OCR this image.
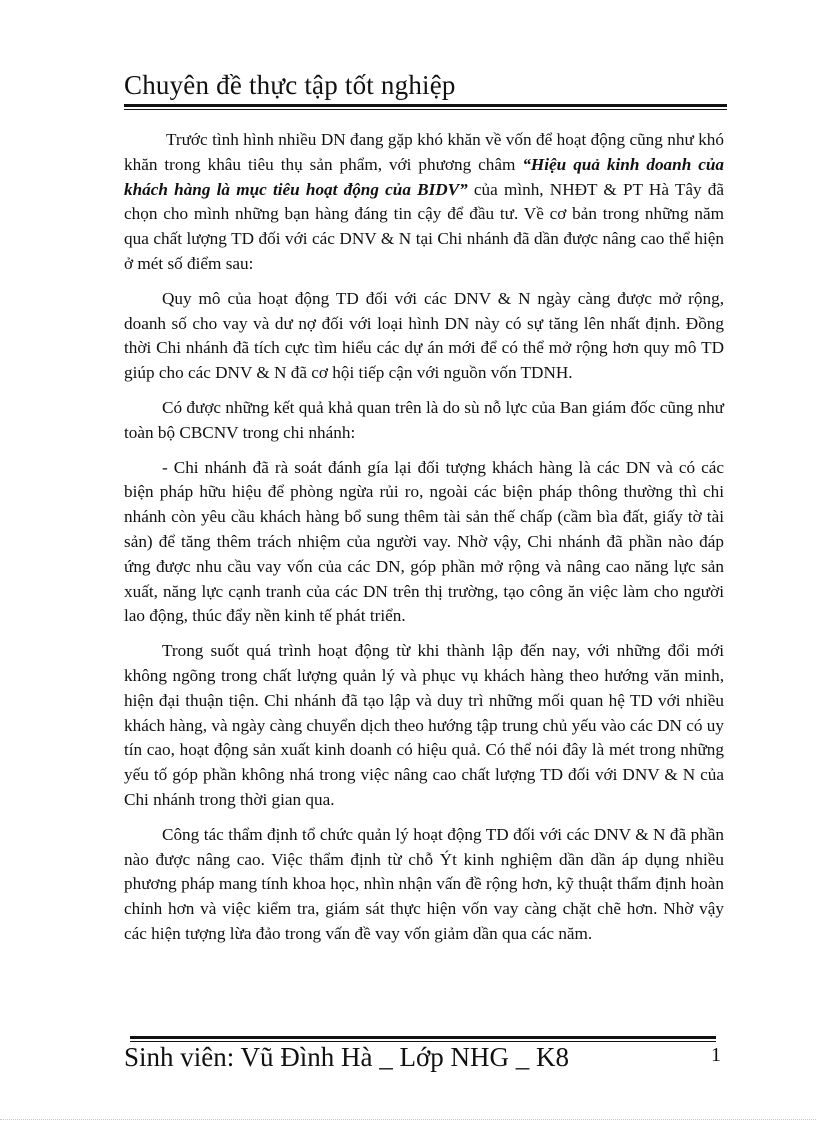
Chuyên đề thực tập tốt nghiệp

Trước tình hình nhiều DN đang gặp khó khăn về vốn để hoạt động cũng như khó khăn trong khâu tiêu thụ sản phẩm, với phương châm “Hiệu quả kinh doanh của khách hàng là mục tiêu hoạt động của BIDV” của mình, NHĐT & PT Hà Tây đã chọn cho mình những bạn hàng đáng tin cậy để đầu tư. Về cơ bản trong những năm qua chất lượng TD đối với các DNV & N tại Chi nhánh đã dần được nâng cao thể hiện ở mét số điểm sau:

Quy mô của hoạt động TD đối với các DNV & N ngày càng được mở rộng, doanh số cho vay và dư nợ đối với loại hình DN này có sự tăng lên nhất định. Đồng thời Chi nhánh đã tích cực tìm hiểu các dự án mới để có thể mở rộng hơn quy mô TD giúp cho các DNV & N đã cơ hội tiếp cận với nguồn vốn TDNH.

Có được những kết quả khả quan trên là do sù nỗ lực của Ban giám đốc cũng như toàn bộ CBCNV trong chi nhánh:

- Chi nhánh đã rà soát đánh gía lại đối tượng khách hàng là các DN và có các biện pháp hữu hiệu để phòng ngừa rủi ro, ngoài các biện pháp thông thường thì chi nhánh còn yêu cầu khách hàng bổ sung thêm tài sản thế chấp (cầm bìa đất, giấy tờ tài sản) để tăng thêm trách nhiệm của người vay. Nhờ vậy, Chi nhánh đã phần nào đáp ứng được nhu cầu vay vốn của các DN, góp phần mở rộng và nâng cao năng lực sản xuất, năng lực cạnh tranh của các DN trên thị trường, tạo công ăn việc làm cho người lao động, thúc đẩy nền kinh tế phát triển.

Trong suốt quá trình hoạt động từ khi thành lập đến nay, với những đổi mới không ngõng trong chất lượng quản lý và phục vụ khách hàng theo hướng văn minh, hiện đại thuận tiện. Chi nhánh đã tạo lập và duy trì những mối quan hệ TD với nhiều khách hàng, và ngày càng chuyển dịch theo hướng tập trung chủ yếu vào các DN có uy tín cao, hoạt động sản xuất kinh doanh có hiệu quả. Có thể nói đây là mét trong những yếu tố góp phần không nhá trong việc nâng cao chất lượng TD đối với DNV & N của Chi nhánh trong thời gian qua.

Công tác thẩm định tổ chức quản lý hoạt động TD đối với các DNV & N đã phần nào được nâng cao. Việc thẩm định từ chỗ Ýt kinh nghiệm dần dần áp dụng nhiều phương pháp mang tính khoa học, nhìn nhận vấn đề rộng hơn, kỹ thuật thẩm định hoàn chỉnh hơn và việc kiểm tra, giám sát thực hiện vốn vay càng chặt chẽ hơn. Nhờ vậy các hiện tượng lừa đảo trong vấn đề vay vốn giảm dần qua các năm.

Sinh viên: Vũ Đình Hà _ Lớp NHG _ K8	1
